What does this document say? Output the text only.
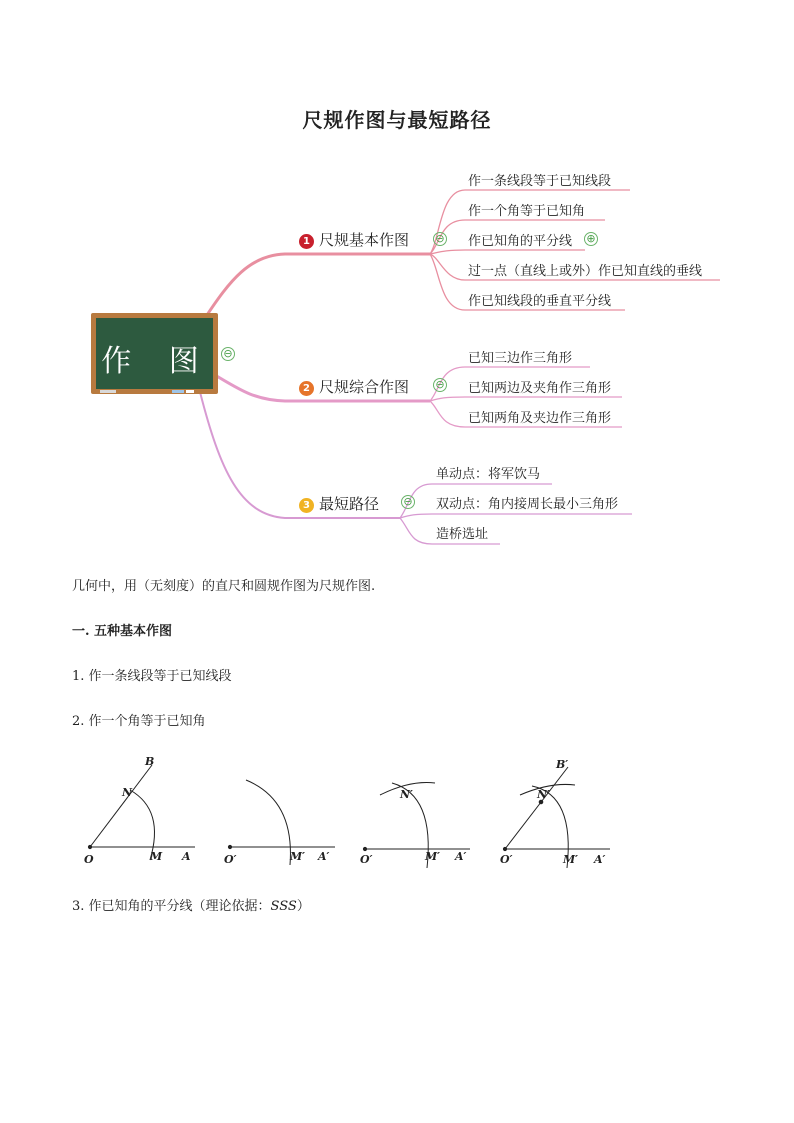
尺规作图与最短路径
作 图 ⊖
1 尺规基本作图 ⊖
作一条线段等于已知线段
作一个角等于已知角
作已知角的平分线 ⊕
过一点（直线上或外）作已知直线的垂线
作已知线段的垂直平分线
2 尺规综合作图 ⊖
已知三边作三角形
已知两边及夹角作三角形
已知两角及夹边作三角形
3 最短路径 ⊖
单动点：将军饮马
双动点：角内接周长最小三角形
造桥选址
几何中，用（无刻度）的直尺和圆规作图为尺规作图.
一. 五种基本作图
1. 作一条线段等于已知线段
2. 作一个角等于已知角
O	M A
N
B
O′	M′ A′	O′	M′ A′
N′
O′	M′ A′
N′
B′
3. 作已知角的平分线（理论依据：SSS）
